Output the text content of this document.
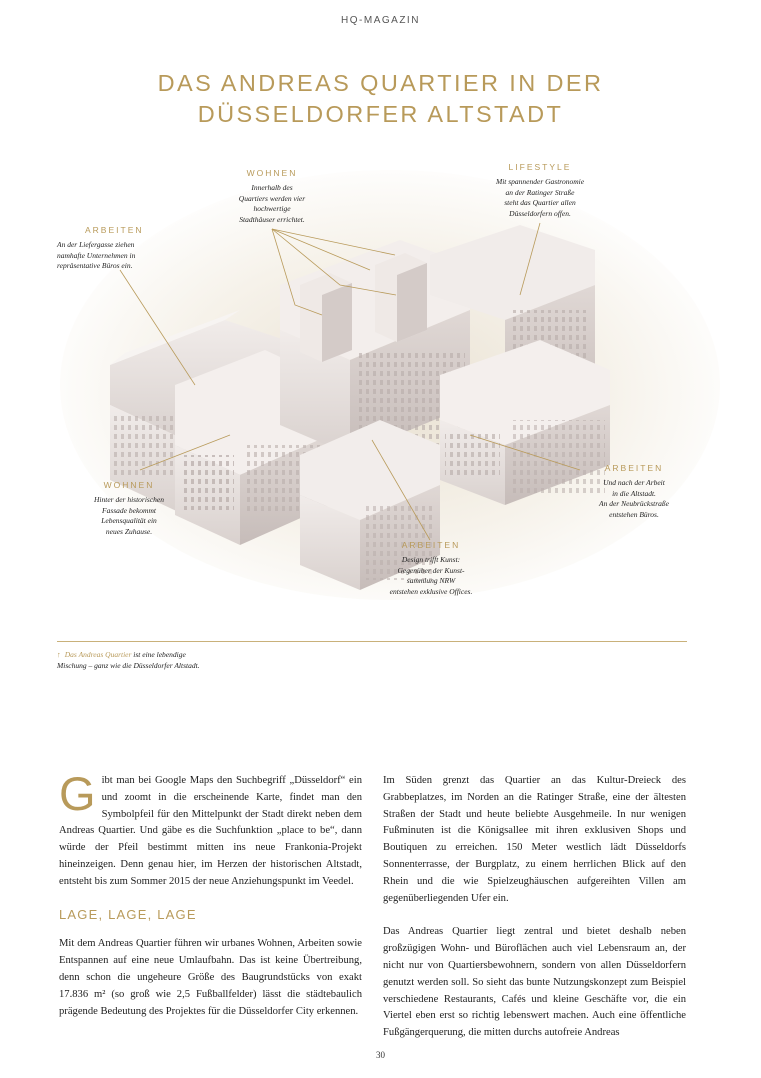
HQ-MAGAZIN
DAS ANDREAS QUARTIER IN DER
DÜSSELDORFER ALTSTADT
WOHNEN
Innerhalb des
Quartiers werden vier
hochwertige
Stadthäuser errichtet.
LIFESTYLE
Mit spannender Gastronomie
an der Ratinger Straße
steht das Quartier allen
Düsseldorfern offen.
ARBEITEN
An der Liefergasse ziehen
namhafte Unternehmen in
repräsentative Büros ein.
ARBEITEN
Und nach der Arbeit
in die Altstadt.
An der Neubrückstraße
entstehen Büros.
WOHNEN
Hinter der historischen
Fassade bekommt
Lebensqualität ein
neues Zuhause.
ARBEITEN
Design trifft Kunst:
Gegenüber der Kunst-
sammlung NRW
entstehen exklusive Offices.
↑ Das Andreas Quartier ist eine lebendige Mischung – ganz wie die Düsseldorfer Altstadt.

Gibt man bei Google Maps den Suchbegriff „Düsseldorf“ ein und zoomt in die erscheinende Karte, findet man den Symbolpfeil für den Mittelpunkt der Stadt direkt neben dem Andreas Quartier. Und gäbe es die Suchfunktion „place to be“, dann würde der Pfeil bestimmt mitten ins neue Frankonia-Projekt hineinzeigen. Denn genau hier, im Herzen der historischen Altstadt, entsteht bis zum Sommer 2015 der neue Anziehungspunkt im Veedel.

LAGE, LAGE, LAGE

Mit dem Andreas Quartier führen wir urbanes Wohnen, Arbeiten sowie Entspannen auf eine neue Umlaufbahn. Das ist keine Übertreibung, denn schon die ungeheure Größe des Baugrundstücks von exakt 17.836 m² (so groß wie 2,5 Fußballfelder) lässt die städtebaulich prägende Bedeutung des Projektes für die Düsseldorfer City erkennen.

Im Süden grenzt das Quartier an das Kultur-Dreieck des Grabbeplatzes, im Norden an die Ratinger Straße, eine der ältesten Straßen der Stadt und heute beliebte Ausgehmeile. In nur wenigen Fußminuten ist die Königsallee mit ihren exklusiven Shops und Boutiquen zu erreichen. 150 Meter westlich lädt Düsseldorfs Sonnenterrasse, der Burgplatz, zu einem herrlichen Blick auf den Rhein und die wie Spielzeughäuschen aufgereihten Villen am gegenüberliegenden Ufer ein.

Das Andreas Quartier liegt zentral und bietet deshalb neben großzügigen Wohn- und Büroflächen auch viel Lebensraum an, der nicht nur von Quartiersbewohnern, sondern von allen Düsseldorfern genutzt werden soll. So sieht das bunte Nutzungskonzept zum Beispiel verschiedene Restaurants, Cafés und kleine Geschäfte vor, die ein Viertel eben erst so richtig lebenswert machen. Auch eine öffentliche Fußgängerquerung, die mitten durchs autofreie Andreas

30
